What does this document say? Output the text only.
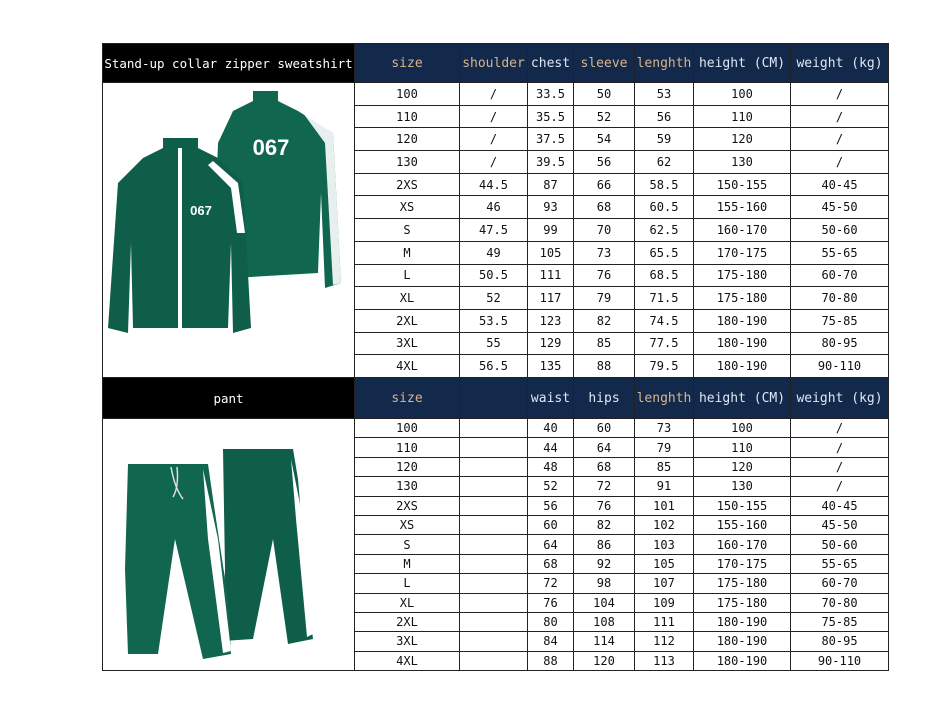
Stand-up collar zipper sweatshirt	size	shoulder	chest	sleeve	lenghth	height (CM)	weight (kg)
	100	/	33.5	50	53	100	/
	110	/	35.5	52	56	110	/
	120	/	37.5	54	59	120	/
	130	/	39.5	56	62	130	/
	2XS	44.5	87	66	58.5	150-155	40-45
	XS	46	93	68	60.5	155-160	45-50
	S	47.5	99	70	62.5	160-170	50-60
	M	49	105	73	65.5	170-175	55-65
	L	50.5	111	76	68.5	175-180	60-70
	XL	52	117	79	71.5	175-180	70-80
	2XL	53.5	123	82	74.5	180-190	75-85
	3XL	55	129	85	77.5	180-190	80-95
	4XL	56.5	135	88	79.5	180-190	90-110
pant	size		waist	hips	lenghth	height (CM)	weight (kg)
	100		40	60	73	100	/
	110		44	64	79	110	/
	120		48	68	85	120	/
	130		52	72	91	130	/
	2XS		56	76	101	150-155	40-45
	XS		60	82	102	155-160	45-50
	S		64	86	103	160-170	50-60
	M		68	92	105	170-175	55-65
	L		72	98	107	175-180	60-70
	XL		76	104	109	175-180	70-80
	2XL		80	108	111	180-190	75-85
	3XL		84	114	112	180-190	80-95
	4XL		88	120	113	180-190	90-110
067
067
